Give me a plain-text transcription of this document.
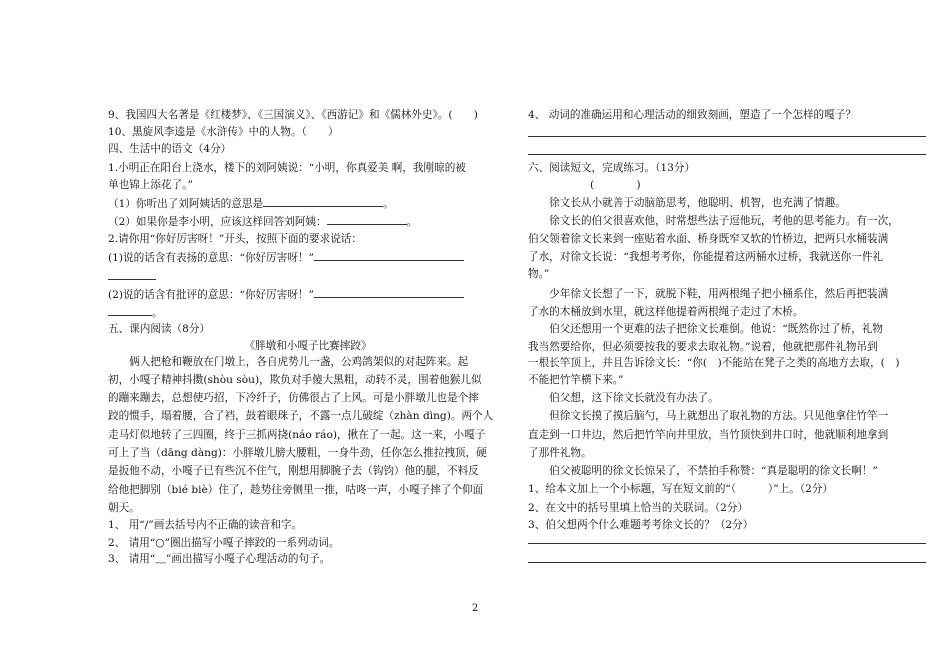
9、我国四大名著是《红楼梦》、《三国演义》、《西游记》和《儒林外史》。(　　)
10、黑旋风李逵是《水浒传》中的人物。（　　）
四、生活中的语文（4分）
1.小明正在阳台上浇水，楼下的刘阿姨说：“小明，你真爱美 啊，我刚晾的被
单也锦上添花了。”
（1）你听出了刘阿姨话的意思是	。
（2）如果你是李小明，应该这样回答刘阿姨：	。
2.请你用“你好厉害呀！”开头，按照下面的要求说话：
(1)说的话含有表扬的意思：“你好厉害呀！”
(2)说的话含有批评的意思：“你好厉害呀！”
。
五、课内阅读（8分）
《胖墩和小嘎子比赛摔跤》
　　俩人把枪和鞭放在门墩上，各自虎势儿一盏，公鸡鸽架似的对起阵来。起
初，小嘎子精神抖擞(shòu sòu)，欺负对手傻大黑粗，动转不灵，围着他猴儿似
的蹦来蹦去，总想使巧招，下冷纤子，仿佛很占了上风。可是小胖墩儿也是个摔
跤的惯手，塌着腰，合了裆，鼓着眼珠子，不露一点儿破绽（zhàn dìng)。两个人
走马灯似地转了三四圈，终于三抓两挠(náo ráo)，揪在了一起。这一来，小嘎子
可上了当（dāng dàng)：小胖墩儿膀大腰粗，一身牛劲，任你怎么推拉拽顶，硬
是扳他不动，小嘎子已有些沉不住气，刚想用脚腕子去（钩钧）他的腿，不料反
给他把脚别（bié biè）住了，趁势往旁侧里一推，咕咚一声，小嘎子摔了个仰面
朝天。
1、 用“/”画去括号内不正确的读音和字。
2、 请用“○”圈出描写小嘎子摔跤的一系列动词。
3、 请用“﹏”画出描写小嘎子心理活动的句子。
4、 动词的准确运用和心理活动的细致刻画，塑造了一个怎样的嘎子？
六、阅读短文，完成练习。（13分）
(　　　　)
　　徐文长从小就善于动脑筋思考，他聪明、机智，也充满了情趣。
　　徐文长的伯父很喜欢他，时常想些法子逗他玩，考他的思考能力。有一次，
伯父领着徐文长来到一座贴着水面、桥身既窄又软的竹桥边，把两只水桶装满
了水，对徐文长说：“我想考考你，你能提着这两桶水过桥，我就送你一件礼
物。”
　　少年徐文长想了一下，就脱下鞋，用两根绳子把小桶系住，然后再把装满
了水的木桶放到水里，就这样他提着两根绳子走过了木桥。
　　伯父还想用一个更难的法子把徐文长难倒。他说：“既然你过了桥，礼物
我当然要给你，但必须要按我的要求去取礼物。”说着，他就把那件礼物吊到
一根长竿顶上，并且告诉徐文长：“你(　)不能站在凳子之类的高地方去取，(　)
不能把竹竿横下来。”
　　伯父想，这下徐文长就没有办法了。
　　但徐文长摸了摸后脑勺，马上就想出了取礼物的方法。只见他拿住竹竿一
直走到一口井边，然后把竹竿向井里放，当竹顶快到井口时，他就顺利地拿到
了那件礼物。
　　伯父被聪明的徐文长惊呆了，不禁拍手称赞：“真是聪明的徐文长啊！”
1、给本文加上一个小标题，写在短文前的“（　　　）”上。（2分）
2、在文中的括号里填上恰当的关联词。（2分）
3、伯父想两个什么难题考考徐文长的？（2分）
2
